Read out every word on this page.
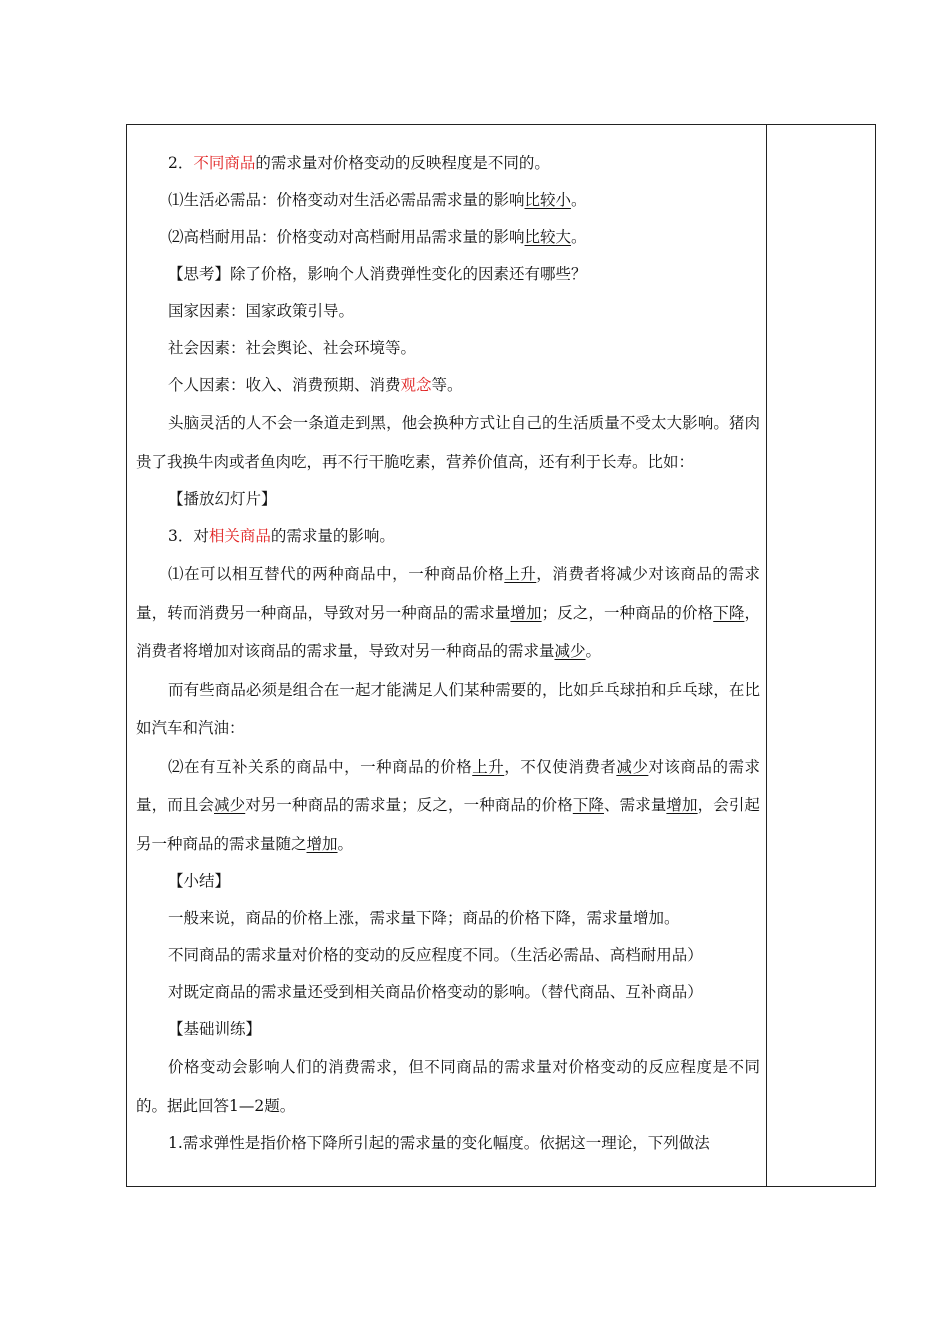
2．不同商品的需求量对价格变动的反映程度是不同的。

⑴生活必需品：价格变动对生活必需品需求量的影响比较小。

⑵高档耐用品：价格变动对高档耐用品需求量的影响比较大。

【思考】除了价格，影响个人消费弹性变化的因素还有哪些？

国家因素：国家政策引导。

社会因素：社会舆论、社会环境等。

个人因素：收入、消费预期、消费观念等。

头脑灵活的人不会一条道走到黑，他会换种方式让自己的生活质量不受太大影响。猪肉贵了我换牛肉或者鱼肉吃，再不行干脆吃素，营养价值高，还有利于长寿。比如：

【播放幻灯片】

3．对相关商品的需求量的影响。

⑴在可以相互替代的两种商品中，一种商品价格上升，消费者将减少对该商品的需求量，转而消费另一种商品，导致对另一种商品的需求量增加；反之，一种商品的价格下降，消费者将增加对该商品的需求量，导致对另一种商品的需求量减少。

而有些商品必须是组合在一起才能满足人们某种需要的，比如乒乓球拍和乒乓球，在比如汽车和汽油：

⑵在有互补关系的商品中，一种商品的价格上升，不仅使消费者减少对该商品的需求量，而且会减少对另一种商品的需求量；反之，一种商品的价格下降、需求量增加，会引起另一种商品的需求量随之增加。

【小结】

一般来说，商品的价格上涨，需求量下降；商品的价格下降，需求量增加。

不同商品的需求量对价格的变动的反应程度不同。（生活必需品、高档耐用品）

对既定商品的需求量还受到相关商品价格变动的影响。（替代商品、互补商品）

【基础训练】

价格变动会影响人们的消费需求，但不同商品的需求量对价格变动的反应程度是不同的。据此回答1—2题。

1.需求弹性是指价格下降所引起的需求量的变化幅度。依据这一理论，下列做法
